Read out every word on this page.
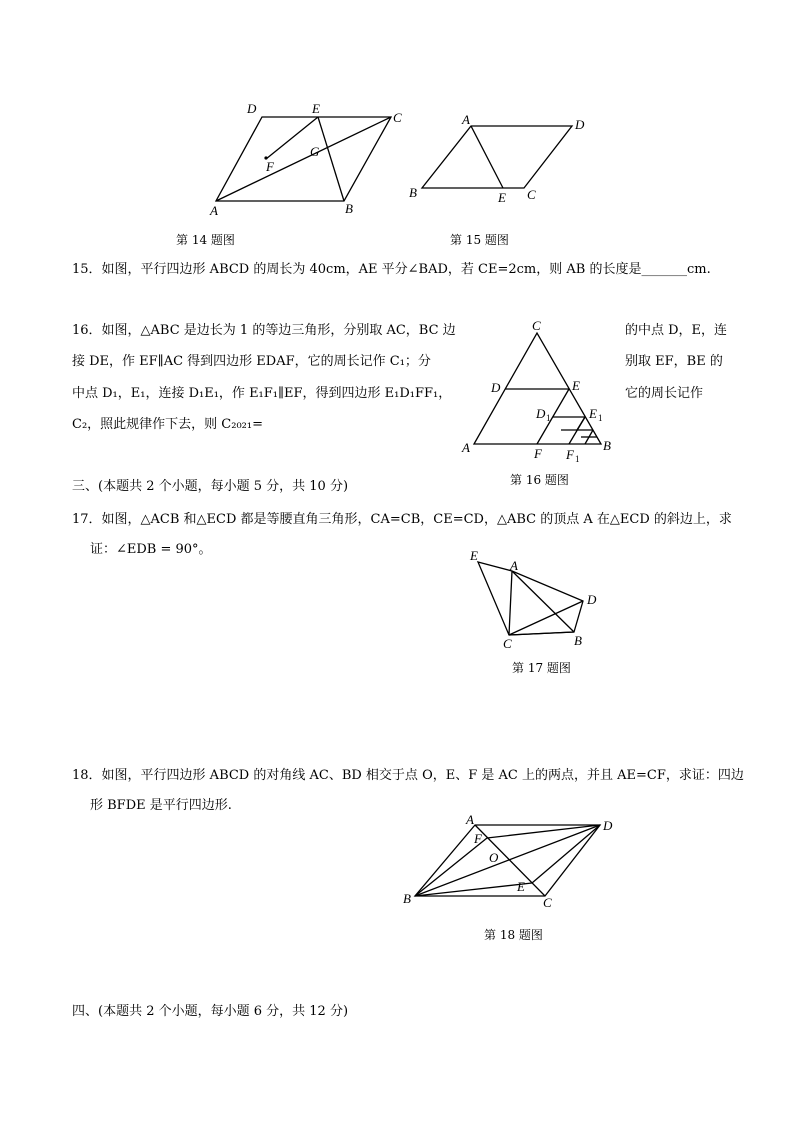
A	B
C
D	E
F
G
第 14 题图
A
B	C
D
E
第 15 题图
15．如图，平行四边形 ABCD 的周长为 40cm，AE 平分∠BAD，若 CE=2cm，则 AB 的长度是_______cm.
16．如图，△ABC 是边长为 1 的等边三角形，分别取 AC，BC 边	的中点 D，E，连
接 DE，作 EF∥AC 得到四边形 EDAF，它的周长记作 C₁；分	别取 EF，BE 的
中点 D₁，E₁，连接 D₁E₁，作 E₁F₁∥EF，得到四边形 E₁D₁FF₁，	它的周长记作
C₂，照此规律作下去，则 C₂₀₂₁=
C
A	B
D	E
F
D 1	E 1
F 1
第 16 题图
三、(本题共 2 个小题，每小题 5 分，共 10 分)
17．如图，△ACB 和△ECD 都是等腰直角三角形，CA=CB，CE=CD，△ABC 的顶点 A 在△ECD 的斜边上，求
证：∠EDB = 90°。	E
A
D
C	B
第 17 题图
18．如图，平行四边形 ABCD 的对角线 AC、BD 相交于点 O，E、F 是 AC 上的两点，并且 AE=CF，求证：四边
形 BFDE 是平行四边形.
A	D
F
O
E
B	C
第 18 题图
四、(本题共 2 个小题，每小题 6 分，共 12 分)
